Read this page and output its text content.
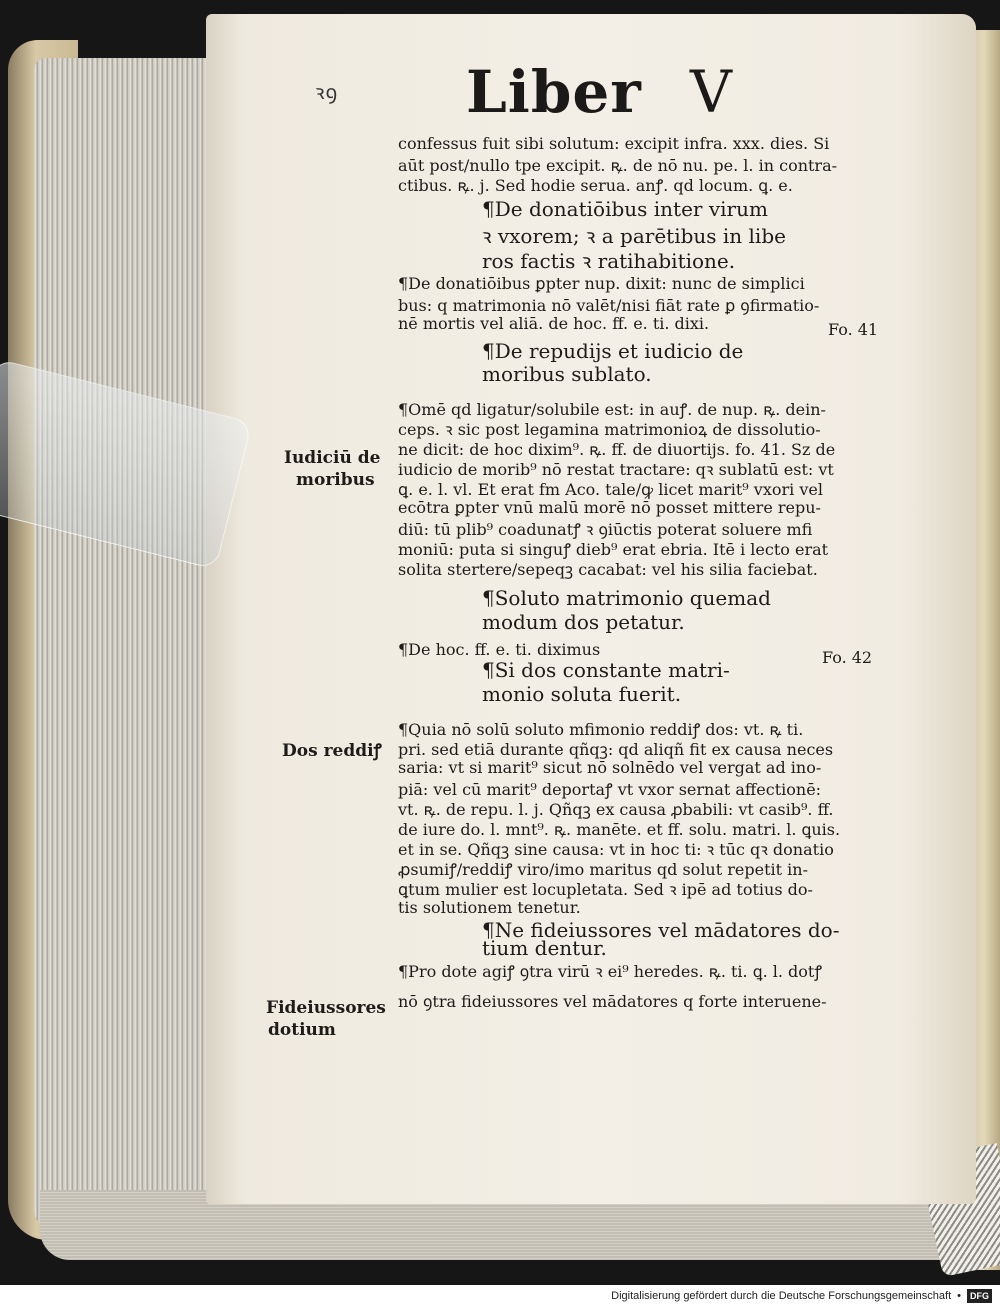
ꝛꝯ Liber V
confessus fuit sibi solutum: excipit infra. xxx. dies. Si
aūt post/nullo tpe excipit. ꝶ. de nō nu. pe. l. in contra-
ctibus. ꝶ. j. Sed hodie serua. anꝭ. qd locum. ꝗ. e.
¶De donatiōibus inter virum
ꝛ vxorem; ꝛ a parētibus in libe
ros factis ꝛ ratihabitione.
¶De donatiōibus ꝑpter nup. dixit: nunc de simplici
bus: q matrimonia nō valēt/nisi fiāt rate ꝑ ꝯfirmatio-
nē mortis vel aliā. de hoc. ff. e. ti. dixi.
¶De repudijs et iudicio de
moribus sublato.
¶Omē qd ligatur/solubile est: in auꝭ. de nup. ꝶ. dein-
ceps. ꝛ sic post legamina matrimonioꝝ de dissolutio-
ne dicit: de hoc dixim⁹. ꝶ. ff. de diuortijs. fo. 41. Sz de
iudicio de morib⁹ nō restat tractare: qꝛ sublatū est: vt
ꝗ. e. l. vl. Et erat fm Aco. tale/ꝙ licet marit⁹ vxori vel
ecōtra ꝑpter vnū malū morē nō posset mittere repu-
diū: tū plib⁹ coadunatꝭ ꝛ ꝯiūctis poterat soluere mfi
moniū: puta si singuꝭ dieb⁹ erat ebria. Itē i lecto erat
solita stertere/sepeqꝫ cacabat: vel his silia faciebat.
¶Soluto matrimonio quemad
modum dos petatur.
¶De hoc. ff. e. ti. diximus
¶Si dos constante matri-
monio soluta fuerit.
¶Quia nō solū soluto mfimonio reddiꝭ dos: vt. ꝶ ti.
pri. sed etiā durante qñqꝫ: qd aliqñ fit ex causa neces
saria: vt si marit⁹ sicut nō solnēdo vel vergat ad ino-
piā: vel cū marit⁹ deportaꝭ vt vxor sernat affectionē:
vt. ꝶ. de repu. l. j. Qñqꝫ ex causa ꝓbabili: vt casib⁹. ff.
de iure do. l. mnt⁹. ꝶ. manēte. et ff. solu. matri. l. ꝗuis.
et in se. Qñqꝫ sine causa: vt in hoc ti: ꝛ tūc qꝛ donatio
ꝓsumiꝭ/reddiꝭ viro/imo maritus qd solut repetit in-
ꝗtum mulier est locupletata. Sed ꝛ ipē ad totius do-
tis solutionem tenetur.
¶Ne fideiussores vel mādatores do-
tium dentur.
¶Pro dote agiꝭ ꝯtra virū ꝛ ei⁹ heredes. ꝶ. ti. ꝗ. l. dotꝭ
nō ꝯtra fideiussores vel mādatores q forte interuene-
Fo. 41
Fo. 42
Iudiciū de
moribus
Dos reddiꝭ
Fideiussores
dotium
Digitalisierung gefördert durch die Deutsche Forschungsgemeinschaft •	DFG
